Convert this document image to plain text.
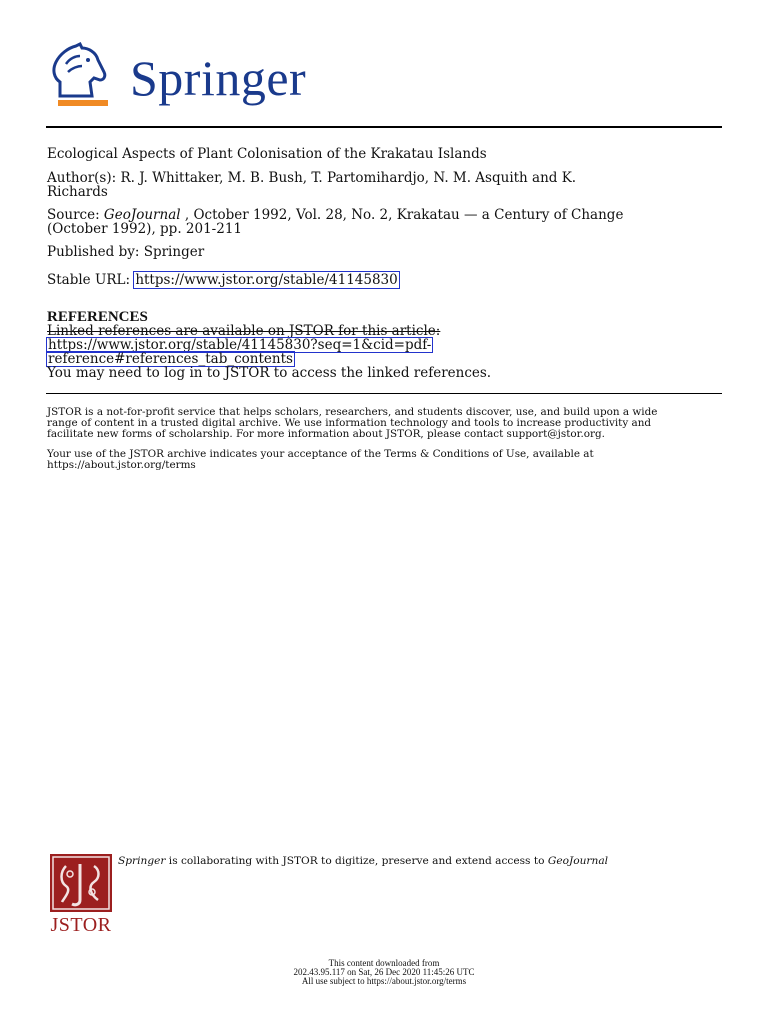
Springer
Ecological Aspects of Plant Colonisation of the Krakatau Islands
Author(s): R. J. Whittaker, M. B. Bush, T. Partomihardjo, N. M. Asquith and K.
Richards
Source: GeoJournal , October 1992, Vol. 28, No. 2, Krakatau — a Century of Change
(October 1992), pp. 201-211
Published by: Springer
Stable URL: https://www.jstor.org/stable/41145830
REFERENCES
Linked references are available on JSTOR for this article:
https://www.jstor.org/stable/41145830?seq=1&cid=pdf-
reference#references_tab_contents
You may need to log in to JSTOR to access the linked references.
JSTOR is a not-for-profit service that helps scholars, researchers, and students discover, use, and build upon a wide
range of content in a trusted digital archive. We use information technology and tools to increase productivity and
facilitate new forms of scholarship. For more information about JSTOR, please contact support@jstor.org.
Your use of the JSTOR archive indicates your acceptance of the Terms & Conditions of Use, available at
https://about.jstor.org/terms
JSTOR
Springer is collaborating with JSTOR to digitize, preserve and extend access to GeoJournal
This content downloaded from
202.43.95.117 on Sat, 26 Dec 2020 11:45:26 UTC
All use subject to https://about.jstor.org/terms
